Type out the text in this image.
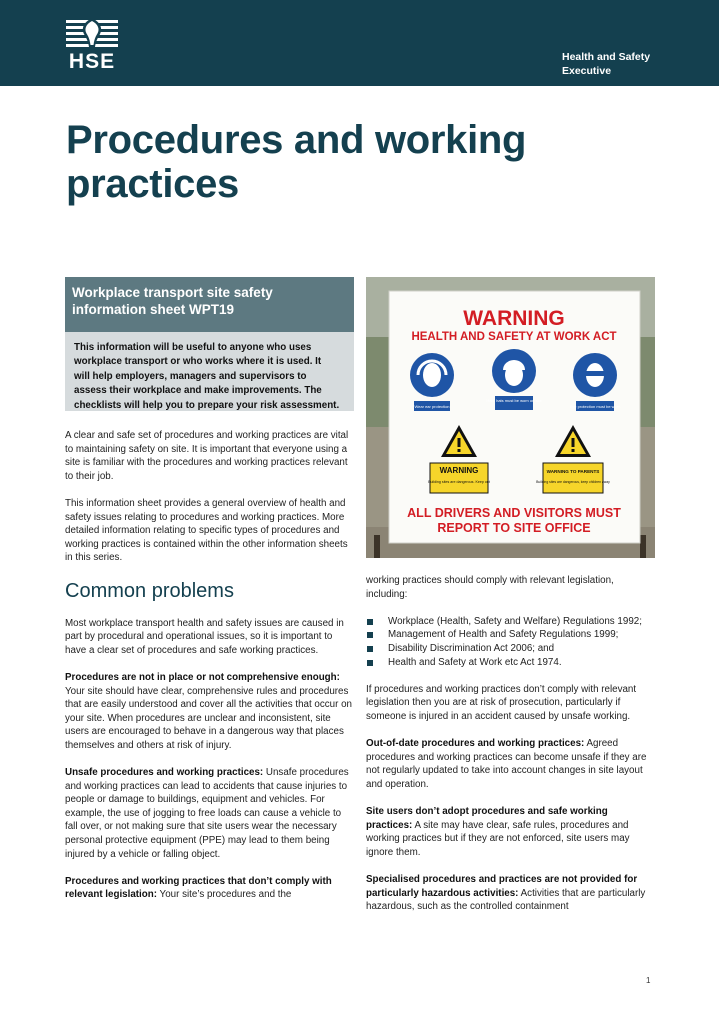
HSE	Health and Safety
Executive
Procedures and working
practices
Workplace transport site safety
information sheet WPT19
This information will be useful to anyone who uses
workplace transport or who works where it is used. It
will help employers, managers and supervisors to
assess their workplace and make improvements. The
checklists will help you to prepare your risk assessment.
WARNING
HEALTH AND SAFETY AT WORK ACT
Wear ear protection
Hard hats must be worn on site
Eye protection must be worn
WARNING
Building sites are dangerous. Keep out
WARNING TO PARENTS
Building sites are dangerous, keep children away
ALL DRIVERS AND VISITORS MUST
REPORT TO SITE OFFICE

A clear and safe set of procedures and working practices are vital to maintaining safety on site. It is important that everyone using a site is familiar with the procedures and working practices relevant to their job.

This information sheet provides a general overview of health and safety issues relating to procedures and working practices. More detailed information relating to specific types of procedures and working practices is contained within the other information sheets in this series.

Common problems

Most workplace transport health and safety issues are caused in part by procedural and operational issues, so it is important to have a clear set of procedures and safe working practices.

Procedures are not in place or not comprehensive enough: Your site should have clear, comprehensive rules and procedures that are easily understood and cover all the activities that occur on your site. When procedures are unclear and inconsistent, site users are encouraged to behave in a dangerous way that places themselves and others at risk of injury.

Unsafe procedures and working practices: Unsafe procedures and working practices can lead to accidents that cause injuries to people or damage to buildings, equipment and vehicles. For example, the use of jogging to free loads can cause a vehicle to fall over, or not making sure that site users wear the necessary personal protective equipment (PPE) may lead to them being injured by a vehicle or falling object.

Procedures and working practices that don’t comply with relevant legislation: Your site’s procedures and the

working practices should comply with relevant legislation, including:

Workplace (Health, Safety and Welfare) Regulations 1992;
Management of Health and Safety Regulations 1999;
Disability Discrimination Act 2006; and
Health and Safety at Work etc Act 1974.

If procedures and working practices don’t comply with relevant legislation then you are at risk of prosecution, particularly if someone is injured in an accident caused by unsafe working.

Out-of-date procedures and working practices: Agreed procedures and working practices can become unsafe if they are not regularly updated to take into account changes in site layout and operation.

Site users don’t adopt procedures and safe working practices: A site may have clear, safe rules, procedures and working practices but if they are not enforced, site users may ignore them.

Specialised procedures and practices are not provided for particularly hazardous activities: Activities that are particularly hazardous, such as the controlled containment

1
